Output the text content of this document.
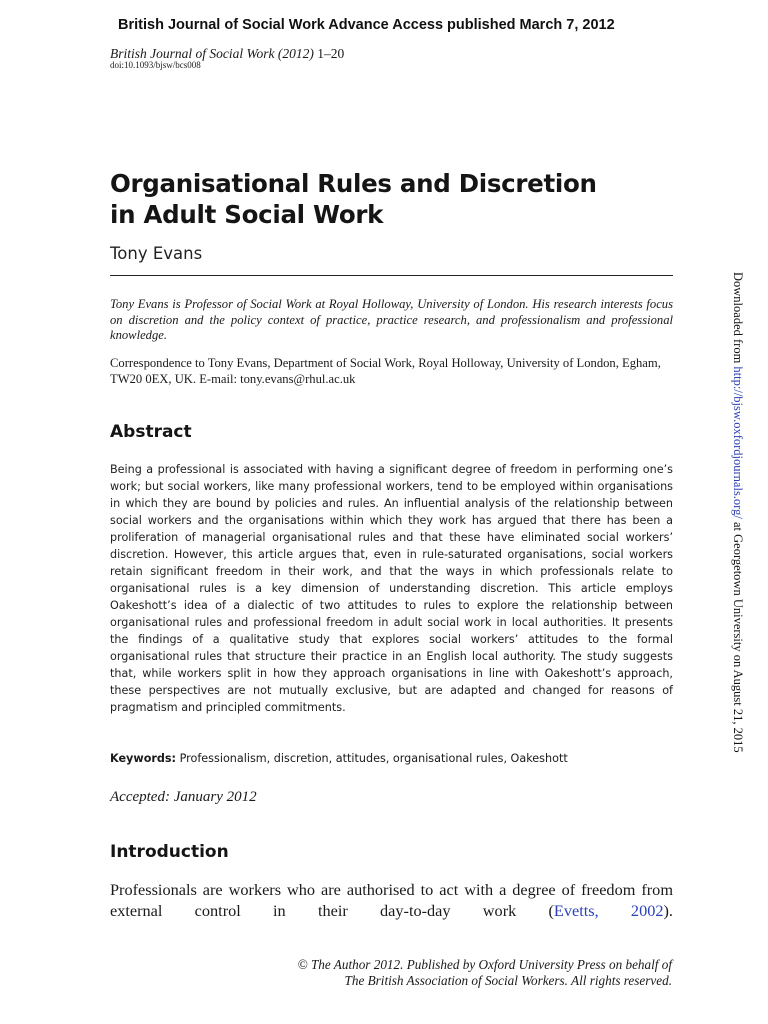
British Journal of Social Work Advance Access published March 7, 2012
British Journal of Social Work (2012) 1–20
doi:10.1093/bjsw/bcs008
Organisational Rules and Discretion
in Adult Social Work
Tony Evans

Tony Evans is Professor of Social Work at Royal Holloway, University of London. His research interests focus on discretion and the policy context of practice, practice research, and professionalism and professional knowledge.

Correspondence to Tony Evans, Department of Social Work, Royal Holloway, University of London, Egham, TW20 0EX, UK. E-mail: tony.evans@rhul.ac.uk

Abstract

Being a professional is associated with having a significant degree of freedom in performing one’s work; but social workers, like many professional workers, tend to be employed within organisations in which they are bound by policies and rules. An influential analysis of the relationship between social workers and the organisations within which they work has argued that there has been a proliferation of managerial organisational rules and that these have eliminated social workers’ discretion. However, this article argues that, even in rule-saturated organisations, social workers retain significant freedom in their work, and that the ways in which professionals relate to organisational rules is a key dimension of understanding discretion. This article employs Oakeshott’s idea of a dialectic of two attitudes to rules to explore the relationship between organisational rules and professional freedom in adult social work in local authorities. It presents the findings of a qualitative study that explores social workers’ attitudes to the formal organisational rules that structure their practice in an English local authority. The study suggests that, while workers split in how they approach organisations in line with Oakeshott’s approach, these perspectives are not mutually exclusive, but are adapted and changed for reasons of pragmatism and principled commitments.

Keywords: Professionalism, discretion, attitudes, organisational rules, Oakeshott

Accepted: January 2012
Introduction

Professionals are workers who are authorised to act with a degree of freedom from external control in their day-to-day work (Evetts, 2002).

© The Author 2012. Published by Oxford University Press on behalf of
The British Association of Social Workers. All rights reserved.

Downloaded from http://bjsw.oxfordjournals.org/ at Georgetown University on August 21, 2015
